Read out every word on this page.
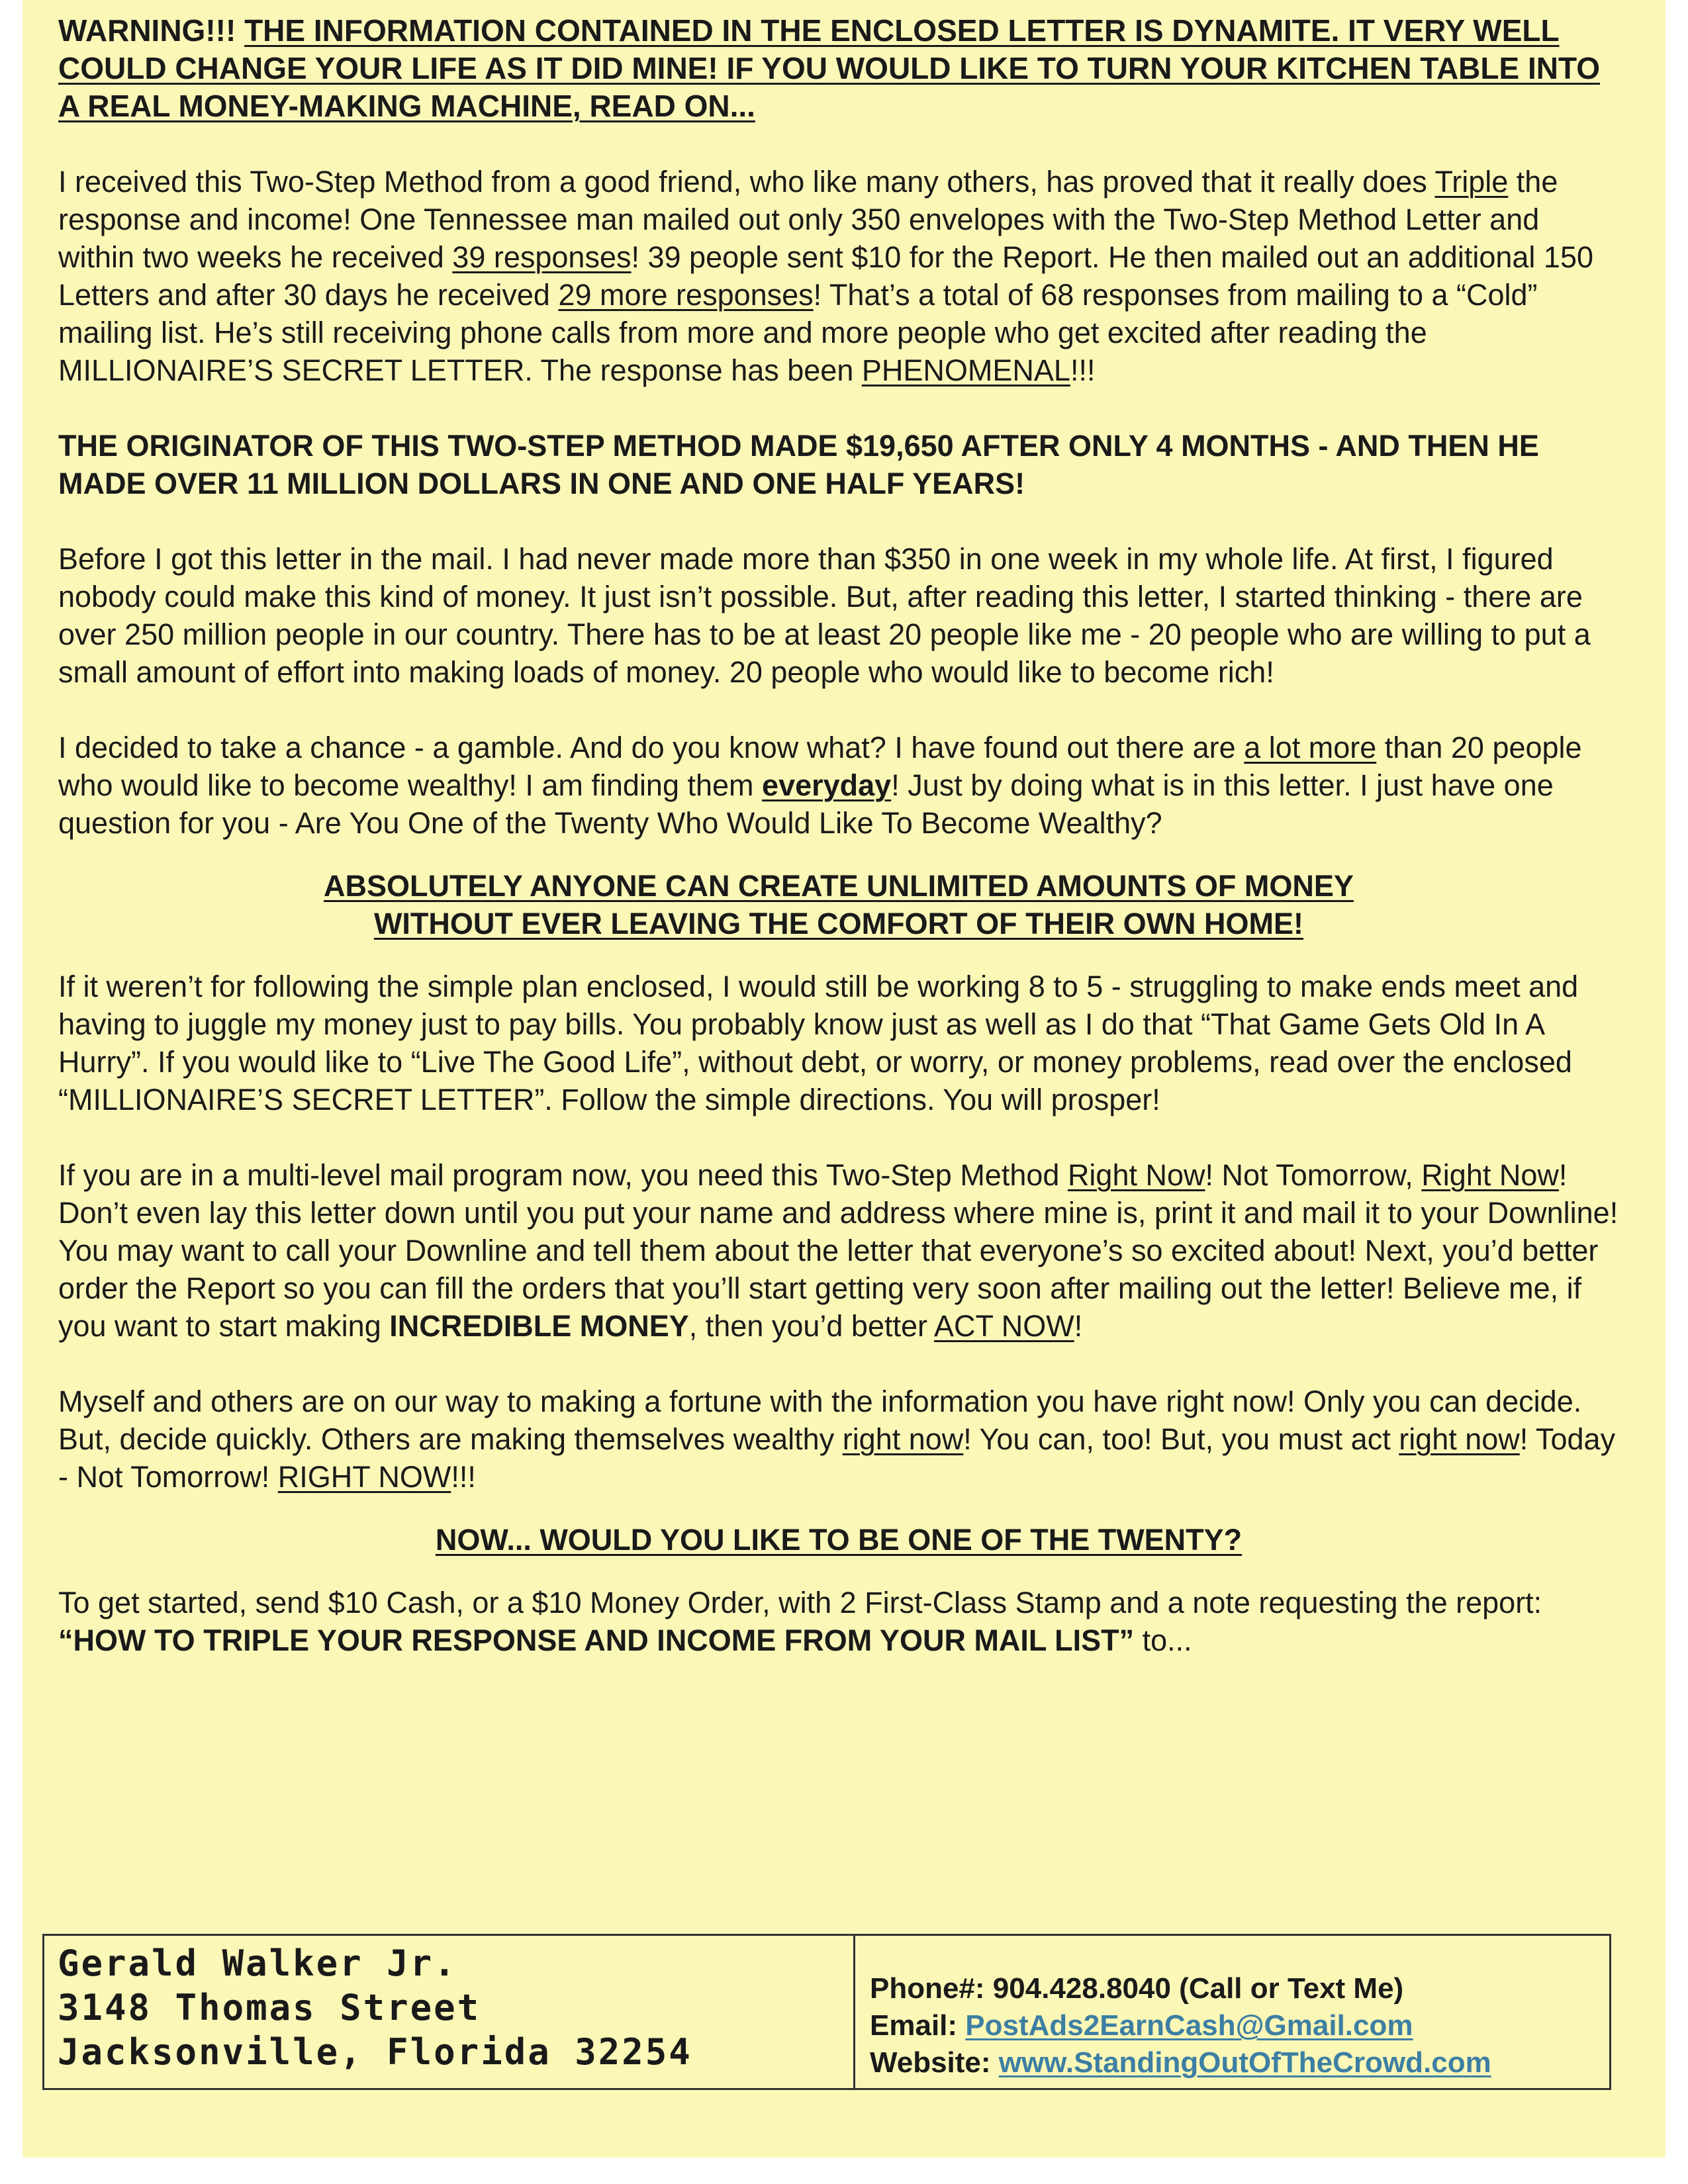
WARNING!!! THE INFORMATION CONTAINED IN THE ENCLOSED LETTER IS DYNAMITE. IT VERY WELL COULD CHANGE YOUR LIFE AS IT DID MINE! IF YOU WOULD LIKE TO TURN YOUR KITCHEN TABLE INTO A REAL MONEY-MAKING MACHINE, READ ON...

I received this Two-Step Method from a good friend, who like many others, has proved that it really does Triple the response and income! One Tennessee man mailed out only 350 envelopes with the Two-Step Method Letter and within two weeks he received 39 responses! 39 people sent $10 for the Report. He then mailed out an additional 150 Letters and after 30 days he received 29 more responses! That’s a total of 68 responses from mailing to a “Cold” mailing list. He’s still receiving phone calls from more and more people who get excited after reading the MILLIONAIRE’S SECRET LETTER. The response has been PHENOMENAL!!!

THE ORIGINATOR OF THIS TWO-STEP METHOD MADE $19,650 AFTER ONLY 4 MONTHS - AND THEN HE MADE OVER 11 MILLION DOLLARS IN ONE AND ONE HALF YEARS!

Before I got this letter in the mail. I had never made more than $350 in one week in my whole life. At first, I figured nobody could make this kind of money. It just isn’t possible. But, after reading this letter, I started thinking - there are over 250 million people in our country. There has to be at least 20 people like me - 20 people who are willing to put a small amount of effort into making loads of money. 20 people who would like to become rich!

I decided to take a chance - a gamble. And do you know what? I have found out there are a lot more than 20 people who would like to become wealthy! I am finding them everyday! Just by doing what is in this letter. I just have one question for you - Are You One of the Twenty Who Would Like To Become Wealthy?

ABSOLUTELY ANYONE CAN CREATE UNLIMITED AMOUNTS OF MONEY
WITHOUT EVER LEAVING THE COMFORT OF THEIR OWN HOME!

If it weren’t for following the simple plan enclosed, I would still be working 8 to 5 - struggling to make ends meet and having to juggle my money just to pay bills. You probably know just as well as I do that “That Game Gets Old In A Hurry”. If you would like to “Live The Good Life”, without debt, or worry, or money problems, read over the enclosed “MILLIONAIRE’S SECRET LETTER”. Follow the simple directions. You will prosper!

If you are in a multi-level mail program now, you need this Two-Step Method Right Now! Not Tomorrow, Right Now! Don’t even lay this letter down until you put your name and address where mine is, print it and mail it to your Downline! You may want to call your Downline and tell them about the letter that everyone’s so excited about! Next, you’d better order the Report so you can fill the orders that you’ll start getting very soon after mailing out the letter! Believe me, if you want to start making INCREDIBLE MONEY, then you’d better ACT NOW!

Myself and others are on our way to making a fortune with the information you have right now! Only you can decide. But, decide quickly. Others are making themselves wealthy right now! You can, too! But, you must act right now! Today - Not Tomorrow! RIGHT NOW!!!

NOW... WOULD YOU LIKE TO BE ONE OF THE TWENTY?

To get started, send $10 Cash, or a $10 Money Order, with 2 First-Class Stamp and a note requesting the report: “HOW TO TRIPLE YOUR RESPONSE AND INCOME FROM YOUR MAIL LIST” to...

Gerald Walker Jr.
3148 Thomas Street
Jacksonville, Florida 32254
Phone#: 904.428.8040 (Call or Text Me)
Email: PostAds2EarnCash@Gmail.com
Website: www.StandingOutOfTheCrowd.com
